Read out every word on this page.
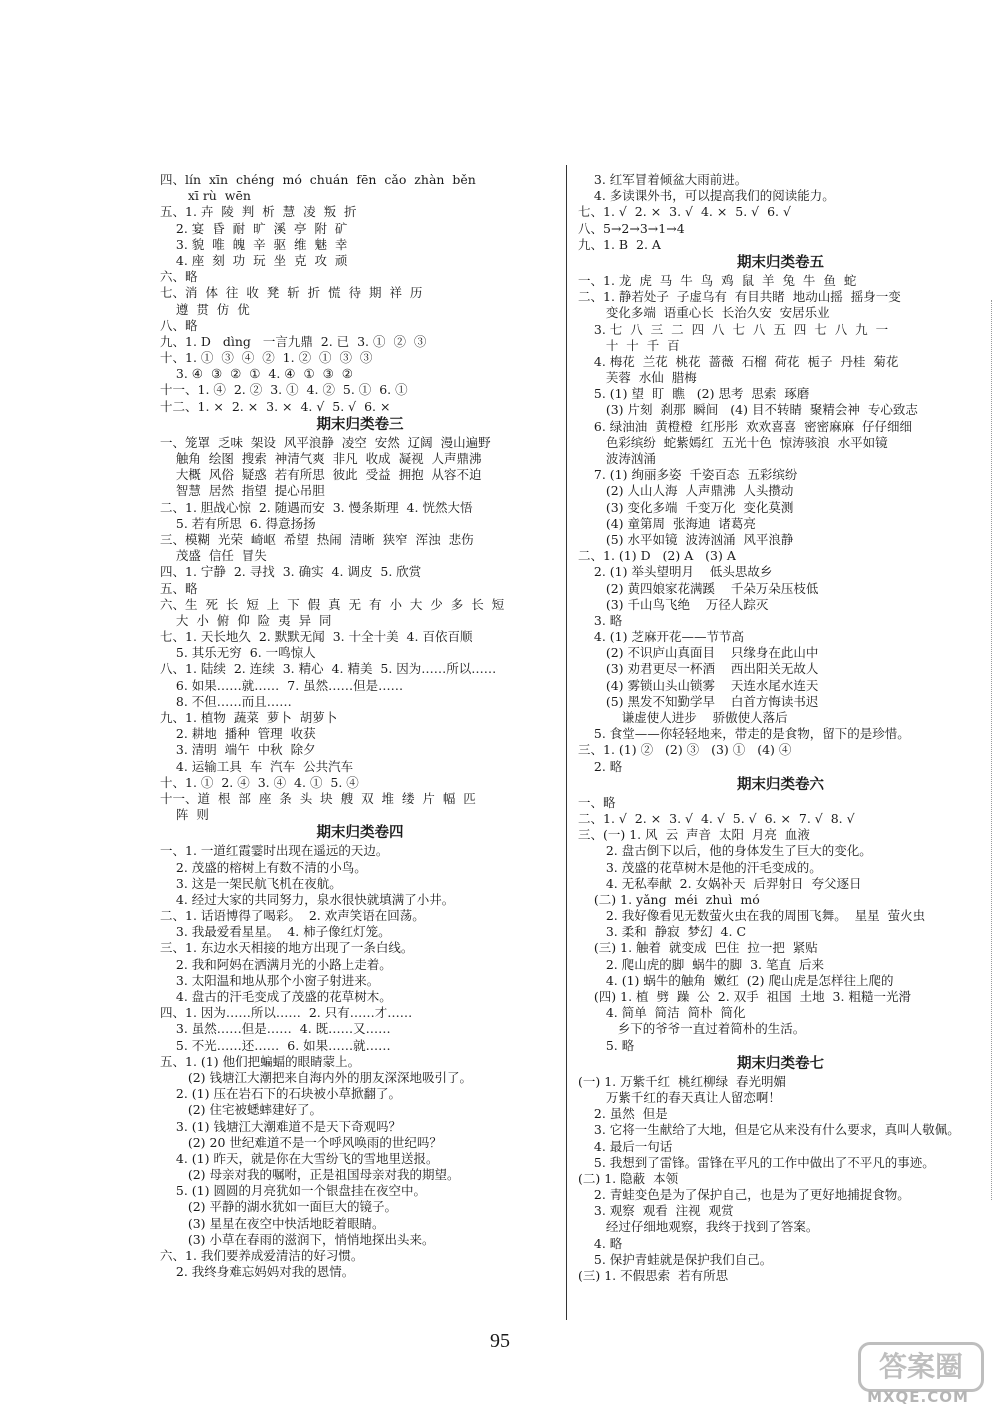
四、lín  xīn  chéng  mó  chuán  fēn  cǎo  zhàn  běn
xī rù  wēn
五、1. 卉  陵  判  析  慧  凌  叛  折
2. 宴  昏  耐  旷  溪  亭  附  矿
3. 貌  唯  魄  辛  驱  维  魅  幸
4. 座  刻  功  玩  坐  克  攻  顽
六、略
七、消  体  往  收  凳  斩  折  慌  待  期  祥  历
遵  贯  仿  优
八、略
九、1. D   dìng   一言九鼎  2. 已  3. ①  ②  ③
十、1. ①  ③  ④  ②  1. ②  ①  ③  ③
3. ④  ③  ②  ①  4. ④  ①  ③  ②
十一、1. ④  2. ②  3. ①  4. ②  5. ①  6. ①
十二、1. ×  2. ×  3. ×  4. √  5. √  6. ×
期末归类卷三
一、笼罩  乏味  架设  风平浪静  凌空  安然  辽阔  漫山遍野
触角  绘图  搜索  神清气爽  非凡  收成  凝视  人声鼎沸
大概  风俗  疑惑  若有所思  彼此  受益  拥抱  从容不迫
智慧  居然  指望  提心吊胆
二、1. 胆战心惊  2. 随遇而安  3. 慢条斯理  4. 恍然大悟
5. 若有所思  6. 得意扬扬
三、模糊  光荣  崎岖  希望  热闹  清晰  狭窄  浑浊  悲伤
茂盛  信任  冒失
四、1. 宁静  2. 寻找  3. 确实  4. 调皮  5. 欣赏
五、略
六、生  死  长  短  上  下  假  真  无  有  小  大  少  多  长  短
大  小  俯  仰  险  夷  异  同
七、1. 天长地久  2. 默默无闻  3. 十全十美  4. 百依百顺
5. 其乐无穷  6. 一鸣惊人
八、1. 陆续  2. 连续  3. 精心  4. 精美  5. 因为……所以……
6. 如果……就……  7. 虽然……但是……
8. 不但……而且……
九、1. 植物  蔬菜  萝卜  胡萝卜
2. 耕地  播种  管理  收获
3. 清明  端午  中秋  除夕
4. 运输工具  车  汽车  公共汽车
十、1. ①  2. ④  3. ④  4. ①  5. ④
十一、道  根  部  座  条  头  块  艘  双  堆  缕  片  幅  匹
阵  则
期末归类卷四
一、1. 一道红霞霎时出现在遥远的天边。
2. 茂盛的榕树上有数不清的小鸟。
3. 这是一架民航飞机在夜航。
4. 经过大家的共同努力，泉水很快就填满了小井。
二、1. 话语博得了喝彩。  2. 欢声笑语在回荡。
3. 我最爱看星星。  4. 柿子像红灯笼。
三、1. 东边水天相接的地方出现了一条白线。
2. 我和阿妈在洒满月光的小路上走着。
3. 太阳温和地从那个小窗子射进来。
4. 盘古的汗毛变成了茂盛的花草树木。
四、1. 因为……所以……  2. 只有……才……
3. 虽然……但是……  4. 既……又……
5. 不光……还……  6. 如果……就……
五、1. (1) 他们把蝙蝠的眼睛蒙上。
(2) 钱塘江大潮把来自海内外的朋友深深地吸引了。
2. (1) 压在岩石下的石块被小草掀翻了。
(2) 住宅被蟋蟀建好了。
3. (1) 钱塘江大潮难道不是天下奇观吗？
(2) 20 世纪难道不是一个呼风唤雨的世纪吗？
4. (1) 昨天，就是你在大雪纷飞的雪地里送报。
(2) 母亲对我的嘱咐，正是祖国母亲对我的期望。
5. (1) 圆圆的月亮犹如一个银盘挂在夜空中。
(2) 平静的湖水犹如一面巨大的镜子。
(3) 星星在夜空中快活地眨着眼睛。
(3) 小草在春雨的滋润下，悄悄地探出头来。
六、1. 我们要养成爱清洁的好习惯。
2. 我终身难忘妈妈对我的恩情。
3. 红军冒着倾盆大雨前进。
4. 多读课外书，可以提高我们的阅读能力。
七、1. √  2. ×  3. √  4. ×  5. √  6. √
八、5→2→3→1→4
九、1. B  2. A
期末归类卷五
一、1. 龙  虎  马  牛  鸟  鸡  鼠  羊  兔  牛  鱼  蛇
二、1. 静若处子  子虚乌有  有目共睹  地动山摇  摇身一变
变化多端  语重心长  长治久安  安居乐业
3. 七  八  三  二  四  八  七  八  五  四  七  八  九  一
十  十  千  百
4. 梅花  兰花  桃花  蔷薇  石榴  荷花  栀子  丹桂  菊花
芙蓉  水仙  腊梅
5. (1) 望  盯  瞧   (2) 思考  思索  琢磨
(3) 片刻  刹那  瞬间   (4) 目不转睛  聚精会神  专心致志
6. 绿油油  黄橙橙  红彤彤  欢欢喜喜  密密麻麻  仔仔细细
色彩缤纷  蛇紫嫣红  五光十色  惊涛骇浪  水平如镜
波涛汹涌
7. (1) 绚丽多姿  千姿百态  五彩缤纷
(2) 人山人海  人声鼎沸  人头攒动
(3) 变化多端  千变万化  变化莫测
(4) 童第周  张海迪  诸葛亮
(5) 水平如镜  波涛汹涌  风平浪静
二、1. (1) D   (2) A   (3) A
2. (1) 举头望明月    低头思故乡
(2) 黄四娘家花满蹊    千朵万朵压枝低
(3) 千山鸟飞绝    万径人踪灭
3. 略
4. (1) 芝麻开花——节节高
(2) 不识庐山真面目    只缘身在此山中
(3) 劝君更尽一杯酒    西出阳关无故人
(4) 雾锁山头山锁雾    天连水尾水连天
(5) 黑发不知勤学早    白首方悔读书迟
谦虚使人进步    骄傲使人落后
5. 食堂——你轻轻地来，带走的是食物，留下的是珍惜。
三、1. (1) ②   (2) ③   (3) ①   (4) ④
2. 略
期末归类卷六
一、略
二、1. √  2. ×  3. √  4. √  5. √  6. ×  7. √  8. √
三、(一) 1. 风  云  声音  太阳  月亮  血液
2. 盘古倒下以后，他的身体发生了巨大的变化。
3. 茂盛的花草树木是他的汗毛变成的。
4. 无私奉献  2. 女娲补天  后羿射日  夸父逐日
(二) 1. yǎng  méi  zhuì  mó
2. 我好像看见无数萤火虫在我的周围飞舞。  星星  萤火虫
3. 柔和  静寂  梦幻  4. C
(三) 1. 触着  就变成  巴住  拉一把  紧贴
2. 爬山虎的脚  蜗牛的脚  3. 笔直  后来
4. (1) 蜗牛的触角  嫩红  (2) 爬山虎是怎样往上爬的
(四) 1. 植  劈  躁  公  2. 双手  祖国  土地  3. 粗糙一光滑
4. 简单  简洁  简朴  简化
乡下的爷爷一直过着简朴的生活。
5. 略
期末归类卷七
(一) 1. 万紫千红  桃红柳绿  春光明媚
万紫千红的春天真让人留恋啊！
2. 虽然  但是
3. 它将一生献给了大地，但是它从来没有什么要求，真叫人敬佩。
4. 最后一句话
5. 我想到了雷锋。雷锋在平凡的工作中做出了不平凡的事迹。
(二) 1. 隐蔽  本领
2. 青蛙变色是为了保护自己，也是为了更好地捕捉食物。
3. 观察  观看  注视  观赏
经过仔细地观察，我终于找到了答案。
4. 略
5. 保护青蛙就是保护我们自己。
(三) 1. 不假思索  若有所思
95
答案圈
MXQE.COM
